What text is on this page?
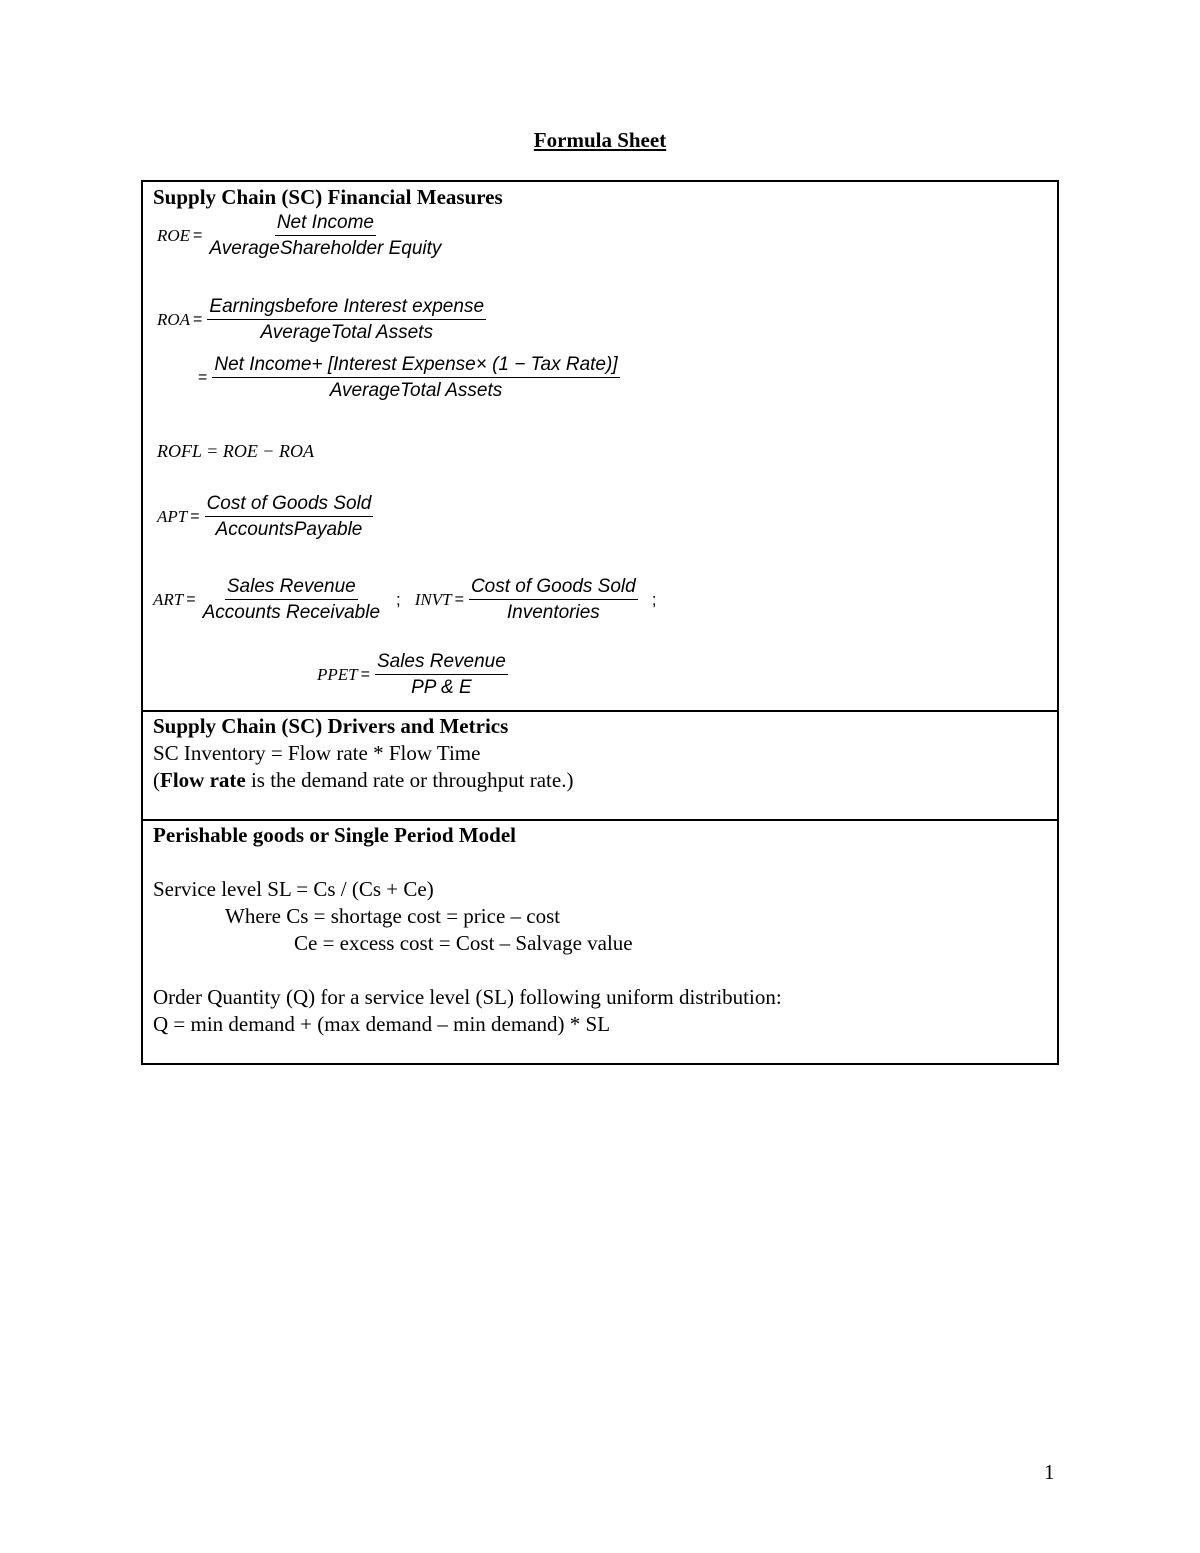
Formula Sheet
Supply Chain (SC) Financial Measures
ROE = $\frac{\text{Net Income}}{\text{AverageShareholder Equity}}$
ROA = $\frac{\text{Earningsbefore Interest expense}}{\text{AverageTotal Assets}}$
= $\frac{\text{Net Income+ [Interest Expense× (1 − Tax Rate)]}}{\text{AverageTotal Assets}}$
ROFL = ROE − ROA
APT = $\frac{\text{Cost of Goods Sold}}{\text{AccountsPayable}}$
ART = $\frac{\text{Sales Revenue}}{\text{Accounts Receivable}}$ ; INVT = $\frac{\text{Cost of Goods Sold}}{\text{Inventories}}$ ;
PPET = $\frac{\text{Sales Revenue}}{PP \& E}$
Supply Chain (SC) Drivers and Metrics
SC Inventory = Flow rate * Flow Time
(Flow rate is the demand rate or throughput rate.)
Perishable goods or Single Period Model
Service level SL = Cs / (Cs + Ce)
Where Cs = shortage cost = price – cost
Ce = excess cost = Cost – Salvage value
Order Quantity (Q) for a service level (SL) following uniform distribution:
Q = min demand + (max demand – min demand) * SL
1
